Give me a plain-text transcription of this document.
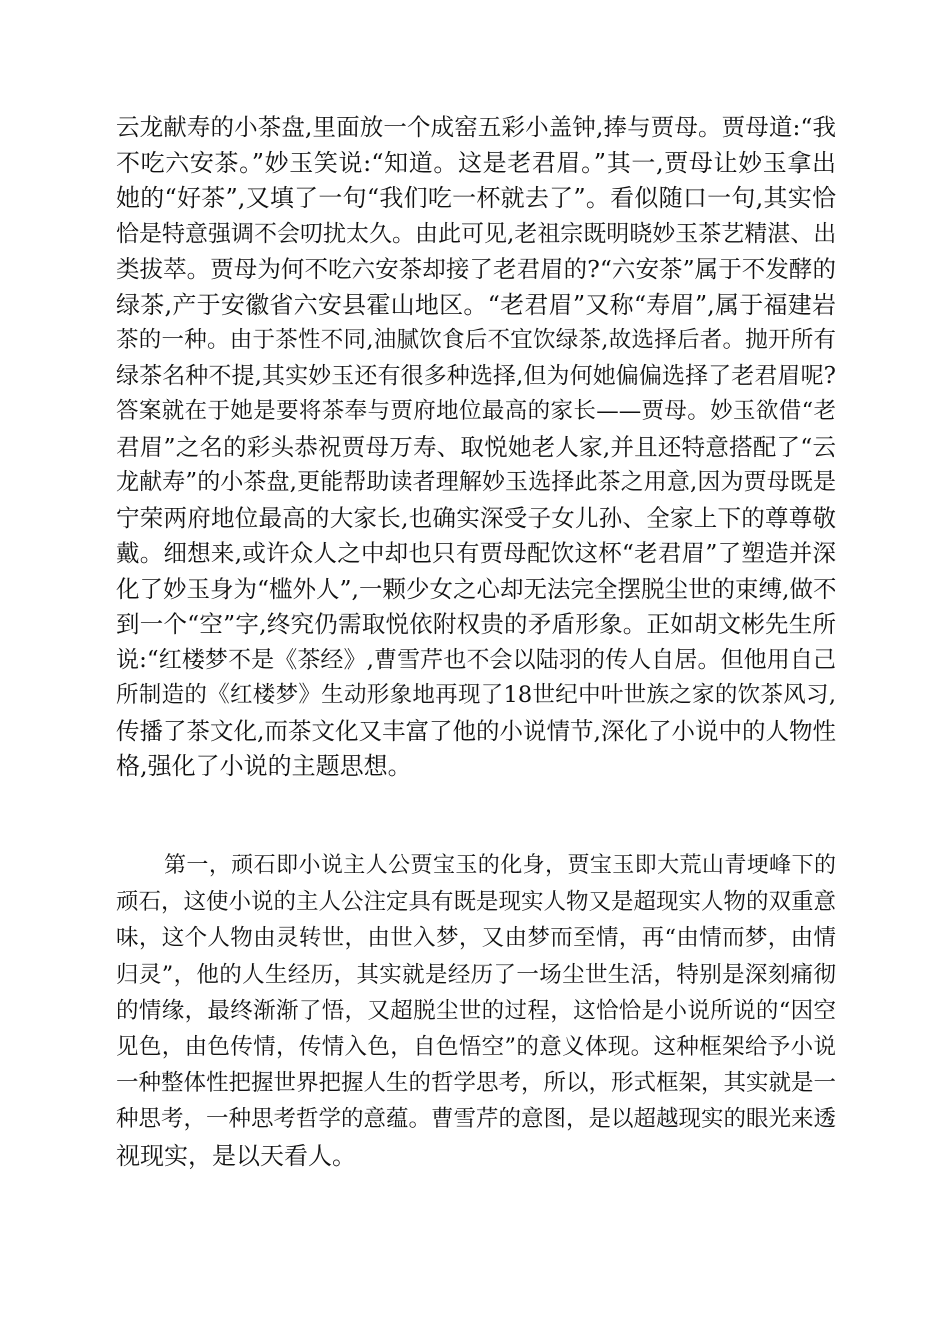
云龙献寿的小茶盘,里面放一个成窑五彩小盖钟,捧与贾母。贾母道:“我
不吃六安茶。”妙玉笑说:“知道。这是老君眉。”其一,贾母让妙玉拿出
她的“好茶”,又填了一句“我们吃一杯就去了”。看似随口一句,其实恰
恰是特意强调不会叨扰太久。由此可见,老祖宗既明晓妙玉茶艺精湛、出
类拔萃。贾母为何不吃六安茶却接了老君眉的?“六安茶”属于不发酵的
绿茶,产于安徽省六安县霍山地区。“老君眉”又称“寿眉”,属于福建岩
茶的一种。由于茶性不同,油腻饮食后不宜饮绿茶,故选择后者。抛开所有
绿茶名种不提,其实妙玉还有很多种选择,但为何她偏偏选择了老君眉呢?
答案就在于她是要将茶奉与贾府地位最高的家长——贾母。妙玉欲借“老
君眉”之名的彩头恭祝贾母万寿、取悦她老人家,并且还特意搭配了“云
龙献寿”的小茶盘,更能帮助读者理解妙玉选择此茶之用意,因为贾母既是
宁荣两府地位最高的大家长,也确实深受子女儿孙、全家上下的尊尊敬
戴。细想来,或许众人之中却也只有贾母配饮这杯“老君眉”了塑造并深
化了妙玉身为“槛外人”,一颗少女之心却无法完全摆脱尘世的束缚,做不
到一个“空”字,终究仍需取悦依附权贵的矛盾形象。正如胡文彬先生所
说:“红楼梦不是《茶经》,曹雪芹也不会以陆羽的传人自居。但他用自己
所制造的《红楼梦》生动形象地再现了18世纪中叶世族之家的饮茶风习,
传播了茶文化,而茶文化又丰富了他的小说情节,深化了小说中的人物性
格,强化了小说的主题思想。
第一，顽石即小说主人公贾宝玉的化身，贾宝玉即大荒山青埂峰下的
顽石，这使小说的主人公注定具有既是现实人物又是超现实人物的双重意
味，这个人物由灵转世，由世入梦，又由梦而至情，再“由情而梦，由情
归灵”，他的人生经历，其实就是经历了一场尘世生活，特别是深刻痛彻
的情缘，最终渐渐了悟，又超脱尘世的过程，这恰恰是小说所说的“因空
见色，由色传情，传情入色，自色悟空”的意义体现。这种框架给予小说
一种整体性把握世界把握人生的哲学思考，所以，形式框架，其实就是一
种思考，一种思考哲学的意蕴。曹雪芹的意图，是以超越现实的眼光来透
视现实，是以天看人。
